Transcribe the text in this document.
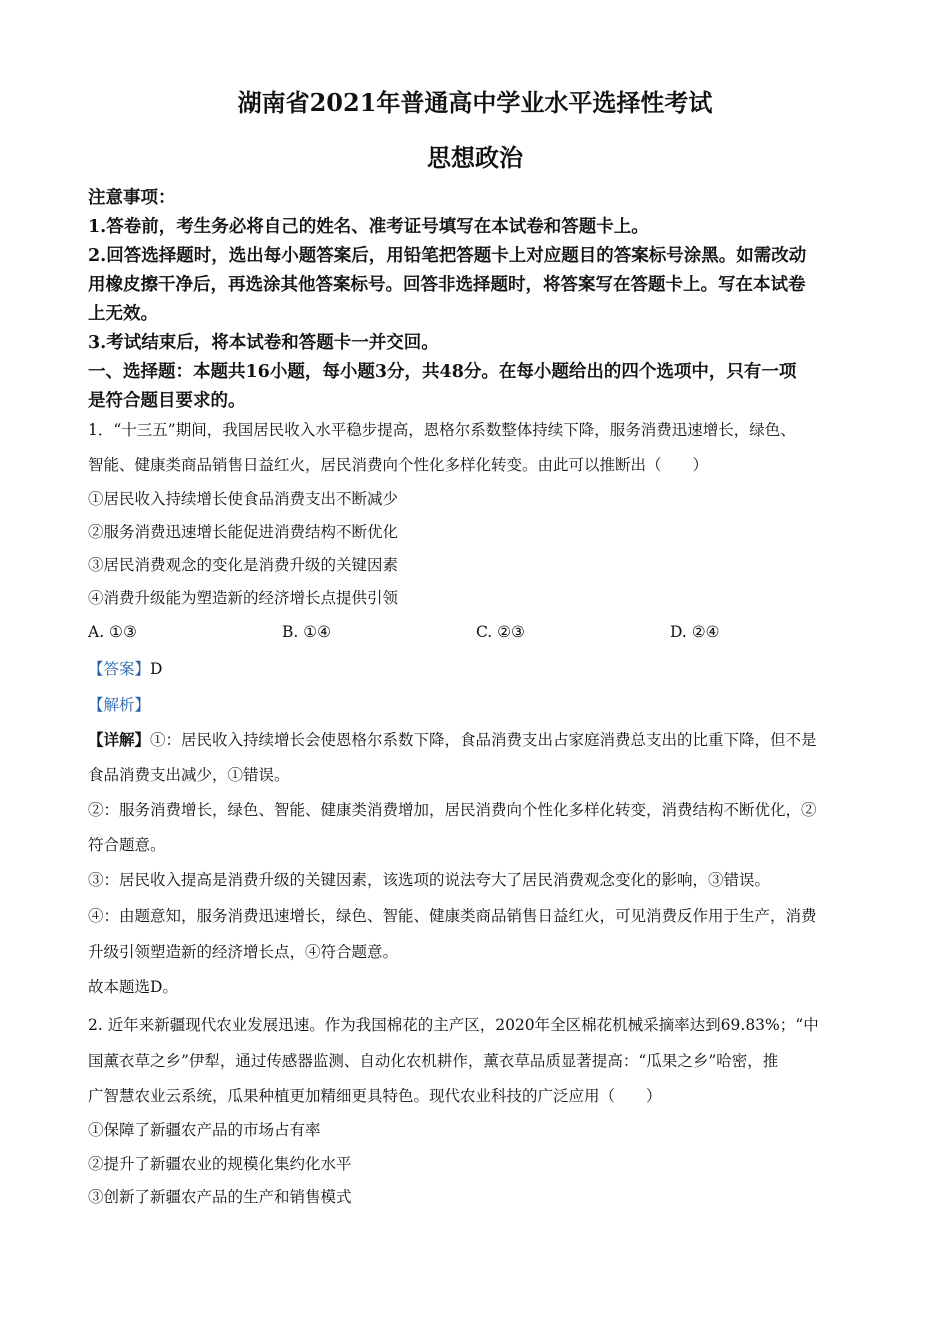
湖南省2021年普通高中学业水平选择性考试
思想政治
注意事项：
1.答卷前，考生务必将自己的姓名、准考证号填写在本试卷和答题卡上。
2.回答选择题时，选出每小题答案后，用铅笔把答题卡上对应题目的答案标号涂黑。如需改动
用橡皮擦干净后，再选涂其他答案标号。回答非选择题时，将答案写在答题卡上。写在本试卷
上无效。
3.考试结束后，将本试卷和答题卡一并交回。
一、选择题：本题共16小题，每小题3分，共48分。在每小题给出的四个选项中，只有一项
是符合题目要求的。
1．“十三五”期间，我国居民收入水平稳步提高，恩格尔系数整体持续下降，服务消费迅速增长，绿色、
智能、健康类商品销售日益红火，居民消费向个性化多样化转变。由此可以推断出（　　）
①居民收入持续增长使食品消费支出不断减少
②服务消费迅速增长能促进消费结构不断优化
③居民消费观念的变化是消费升级的关键因素
④消费升级能为塑造新的经济增长点提供引领
A. ①③	B. ①④	C. ②③	D. ②④
【答案】D
【解析】
【详解】①：居民收入持续增长会使恩格尔系数下降，食品消费支出占家庭消费总支出的比重下降，但不是
食品消费支出减少，①错误。
②：服务消费增长，绿色、智能、健康类消费增加，居民消费向个性化多样化转变，消费结构不断优化，②
符合题意。
③：居民收入提高是消费升级的关键因素，该选项的说法夸大了居民消费观念变化的影响，③错误。
④：由题意知，服务消费迅速增长，绿色、智能、健康类商品销售日益红火，可见消费反作用于生产，消费
升级引领塑造新的经济增长点，④符合题意。
故本题选D。
2. 近年来新疆现代农业发展迅速。作为我国棉花的主产区，2020年全区棉花机械采摘率达到69.83%；“中
国薰衣草之乡”伊犁，通过传感器监测、自动化农机耕作，薰衣草品质显著提高：“瓜果之乡”哈密，推
广智慧农业云系统，瓜果种植更加精细更具特色。现代农业科技的广泛应用（　　）
①保障了新疆农产品的市场占有率
②提升了新疆农业的规模化集约化水平
③创新了新疆农产品的生产和销售模式
